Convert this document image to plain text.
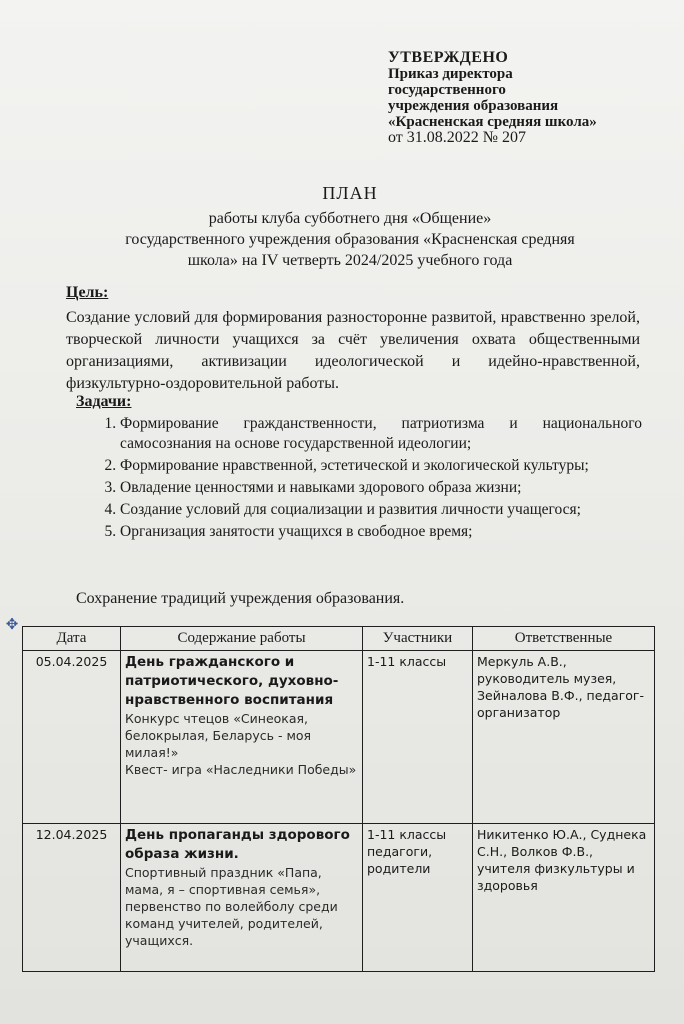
УТВЕРЖДЕНО
Приказ директора
государственного
учреждения образования
«Красненская средняя школа»
от 31.08.2022 № 207
ПЛАН
работы клуба субботнего дня «Общение»
государственного учреждения образования «Красненская средняя
школа» на IV четверть 2024/2025 учебного года
Цель:

Создание условий для формирования разносторонне развитой, нравственно зрелой, творческой личности учащихся за счёт увеличения охвата общественными организациями, активизации идеологической и идейно-нравственной, физкультурно-оздоровительной работы.
Задачи:
1. Формирование гражданственности, патриотизма и национального самосознания на основе государственной идеологии;
2. Формирование нравственной, эстетической и экологической культуры;
3. Овладение ценностями и навыками здорового образа жизни;
4. Создание условий для социализации и развития личности учащегося;
5. Организация занятости учащихся в свободное время;
Сохранение традиций учреждения образования.
✥
Дата	Содержание работы	Участники	Ответственные
05.04.2025	День гражданского и патриотического, духовно-нравственного воспитания
Конкурс чтецов «Синеокая, белокрылая, Беларусь - моя милая!»
Квест- игра «Наследники Победы»	1-11 классы	Меркуль А.В., руководитель музея, Зейналова В.Ф., педагог-организатор
12.04.2025	День пропаганды здорового образа жизни.
Спортивный праздник «Папа, мама, я – спортивная семья», первенство по волейболу среди команд учителей, родителей, учащихся.	1-11 классы педагоги, родители	Никитенко Ю.А., Суднека С.Н., Волков Ф.В., учителя физкультуры и здоровья
